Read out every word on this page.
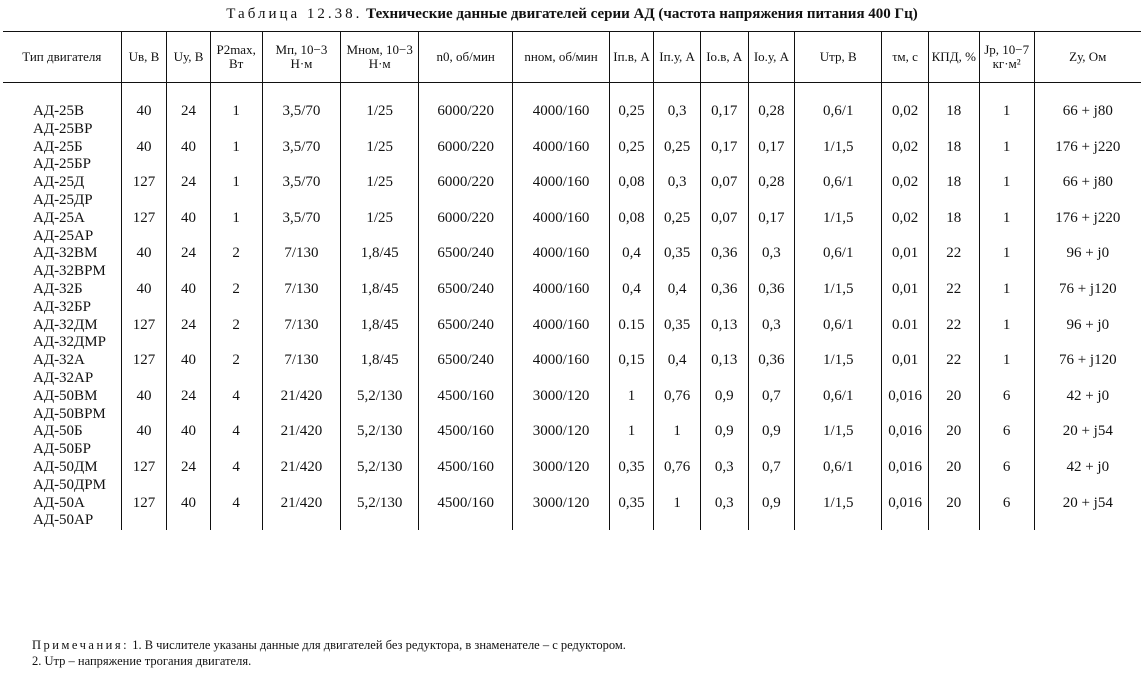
Таблица 12.38. Технические данные двигателей серии АД (частота напряжения питания 400 Гц)
Тип двигателя	Uв, В	Uу, В	P2max, Вт	Mп, 10−3 Н·м	Mном, 10−3 Н·м	n0, об/мин	nном, об/мин	Iп.в, А	Iп.у, А	Iо.в, А	Iо.у, А	Uтр, В	τм, с	КПД, %	Jр, 10−7 кг·м²	Zу, Ом

АД-25В	40	24	1	3,5/70	1/25	6000/220	4000/160	0,25	0,3	0,17	0,28	0,6/1	0,02	18	1	66 + j80
АД-25ВР																
АД-25Б	40	40	1	3,5/70	1/25	6000/220	4000/160	0,25	0,25	0,17	0,17	1/1,5	0,02	18	1	176 + j220
АД-25БР																
АД-25Д	127	24	1	3,5/70	1/25	6000/220	4000/160	0,08	0,3	0,07	0,28	0,6/1	0,02	18	1	66 + j80
АД-25ДР																
АД-25А	127	40	1	3,5/70	1/25	6000/220	4000/160	0,08	0,25	0,07	0,17	1/1,5	0,02	18	1	176 + j220
АД-25АР																
АД-32ВМ	40	24	2	7/130	1,8/45	6500/240	4000/160	0,4	0,35	0,36	0,3	0,6/1	0,01	22	1	96 + j0
АД-32ВРМ																
АД-32Б	40	40	2	7/130	1,8/45	6500/240	4000/160	0,4	0,4	0,36	0,36	1/1,5	0,01	22	1	76 + j120
АД-32БР																
АД-32ДМ	127	24	2	7/130	1,8/45	6500/240	4000/160	0.15	0,35	0,13	0,3	0,6/1	0.01	22	1	96 + j0
АД-32ДМР																
АД-32А	127	40	2	7/130	1,8/45	6500/240	4000/160	0,15	0,4	0,13	0,36	1/1,5	0,01	22	1	76 + j120
АД-32АР																
АД-50ВМ	40	24	4	21/420	5,2/130	4500/160	3000/120	1	0,76	0,9	0,7	0,6/1	0,016	20	6	42 + j0
АД-50ВРМ																
АД-50Б	40	40	4	21/420	5,2/130	4500/160	3000/120	1	1	0,9	0,9	1/1,5	0,016	20	6	20 + j54
АД-50БР																
АД-50ДМ	127	24	4	21/420	5,2/130	4500/160	3000/120	0,35	0,76	0,3	0,7	0,6/1	0,016	20	6	42 + j0
АД-50ДРМ																
АД-50А	127	40	4	21/420	5,2/130	4500/160	3000/120	0,35	1	0,3	0,9	1/1,5	0,016	20	6	20 + j54
АД-50АР																
Примечания: 1. В числителе указаны данные для двигателей без редуктора, в знаменателе – с редуктором.
2. Uтр – напряжение трогания двигателя.
